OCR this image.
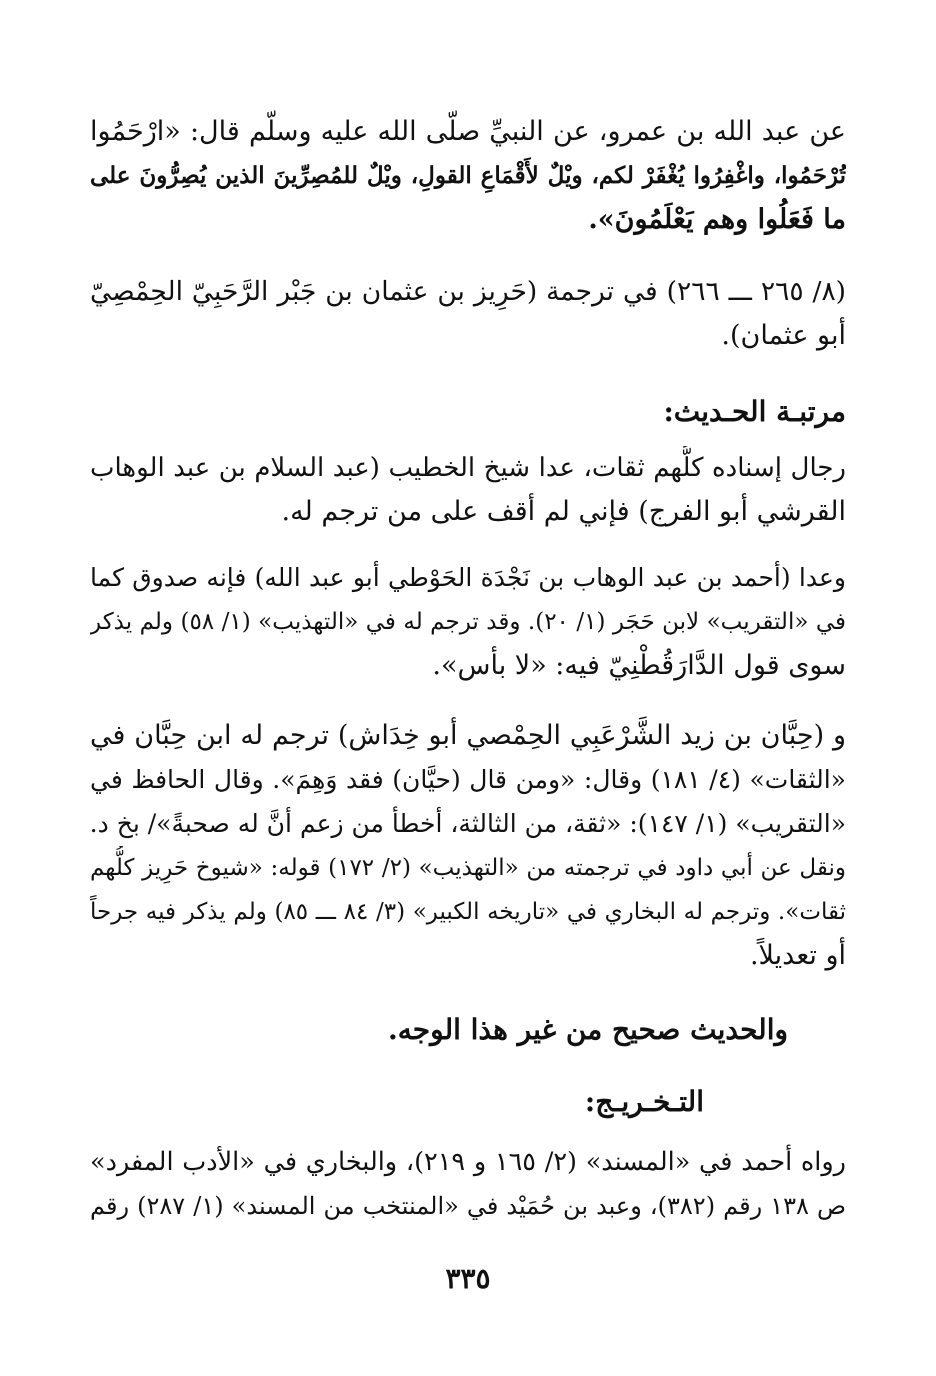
عن عبد الله بن عمرو، عن النبيِّ صلَّى الله عليه وسلَّم قال: «ارْحَمُوا
تُرْحَمُوا، واغْفِرُوا يُغْفَرْ لكم، ويْلٌ لأَقْمَاعِ القولِ، ويْلٌ للمُصِرِّينَ الذين يُصِرُّونَ على
ما فَعَلُوا وهم يَعْلَمُونَ».
(٨/ ٢٦٥ ـــ ٢٦٦) في ترجمة (حَرِيز بن عثمان بن جَبْر الرَّحَبِيّ الحِمْصِيّ
أبو عثمان).
مرتبـة الحـديث:
رجال إسناده كلُّهم ثقات، عدا شيخ الخطيب (عبد السلام بن عبد الوهاب
القرشي أبو الفرج) فإني لم أقف على من ترجم له.
وعدا (أحمد بن عبد الوهاب بن نَجْدَة الحَوْطي أبو عبد الله) فإنه صدوق كما
في «التقريب» لابن حَجَر (١/ ٢٠). وقد ترجم له في «التهذيب» (١/ ٥٨) ولم يذكر
سوى قول الدَّارَقُطْنِيّ فيه: «لا بأس».
و (حِبَّان بن زيد الشَّرْعَبِي الحِمْصي أبو خِدَاش) ترجم له ابن حِبَّان في
«الثقات» (٤/ ١٨١) وقال: «ومن قال (حيَّان) فقد وَهِمَ». وقال الحافظ في
«التقريب» (١/ ١٤٧): «ثقة، من الثالثة، أخطأ من زعم أنَّ له صحبةً»/ بخ د.
ونقل عن أبي داود في ترجمته من «التهذيب» (٢/ ١٧٢) قوله: «شيوخ حَرِيز كلُّهم
ثقات». وترجم له البخاري في «تاريخه الكبير» (٣/ ٨٤ ـــ ٨٥) ولم يذكر فيه جرحاً
أو تعديلاً.
والحديث صحيح من غير هذا الوجه.
التـخـريـج:
رواه أحمد في «المسند» (٢/ ١٦٥ و ٢١٩)، والبخاري في «الأدب المفرد»
ص ١٣٨ رقم (٣٨٢)، وعبد بن حُمَيْد في «المنتخب من المسند» (١/ ٢٨٧) رقم
٣٣٥
